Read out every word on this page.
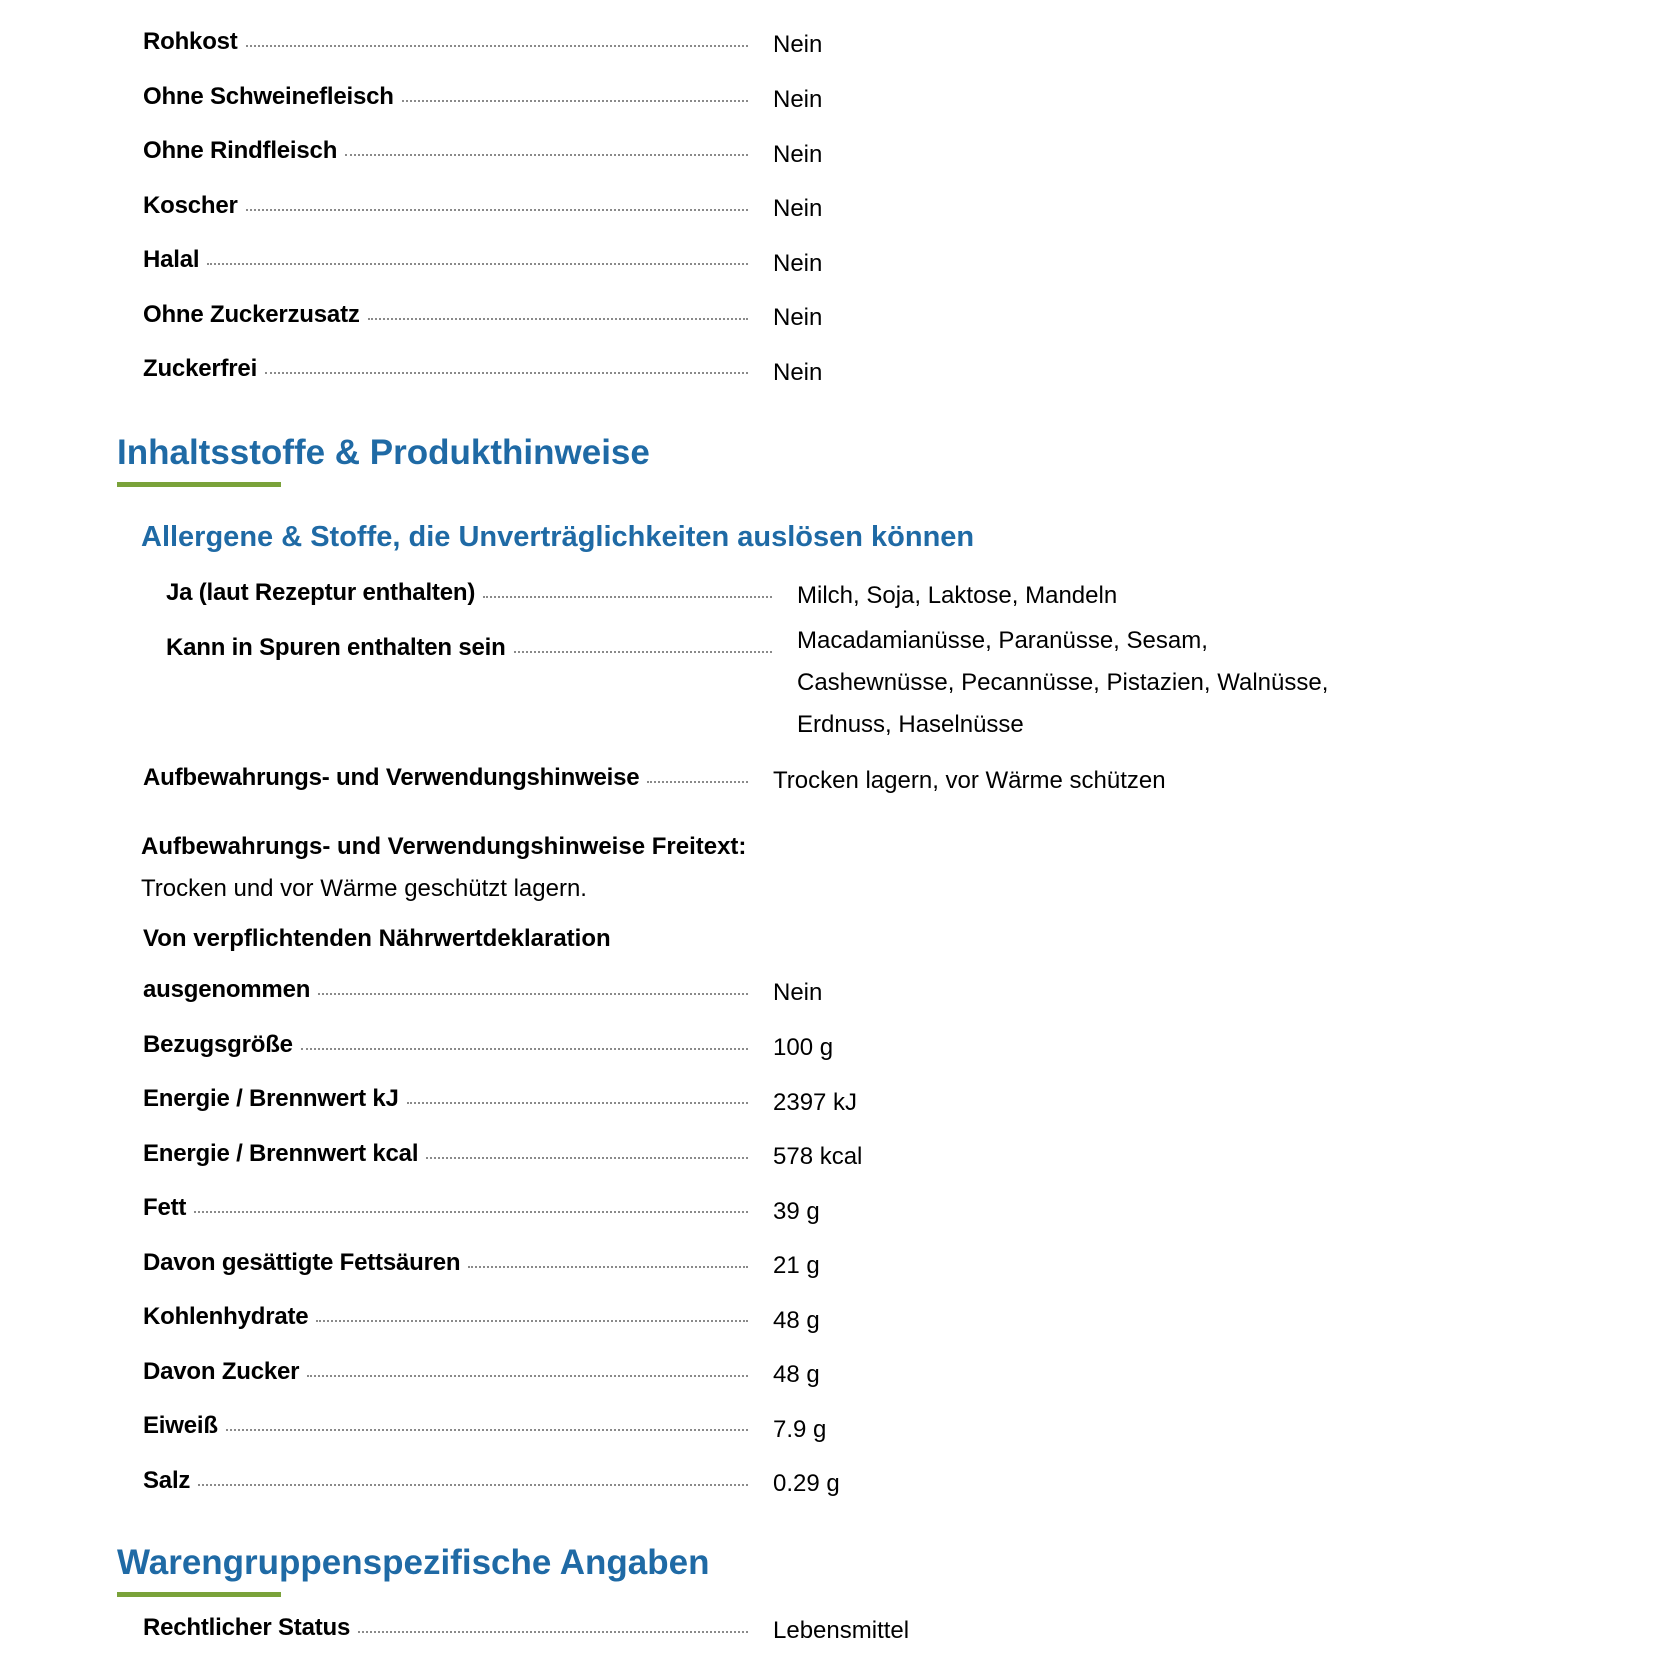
Rohkost	Nein
Ohne Schweinefleisch	Nein
Ohne Rindfleisch	Nein
Koscher	Nein
Halal	Nein
Ohne Zuckerzusatz	Nein
Zuckerfrei	Nein
Inhaltsstoffe & Produkthinweise
Allergene & Stoffe, die Unverträglichkeiten auslösen können
Ja (laut Rezeptur enthalten)	Milch, Soja, Laktose, Mandeln
Kann in Spuren enthalten sein	Macadamianüsse, Paranüsse, Sesam,
Cashewnüsse, Pecannüsse, Pistazien, Walnüsse,
Erdnuss, Haselnüsse
Aufbewahrungs- und Verwendungshinweise	Trocken lagern, vor Wärme schützen
Aufbewahrungs- und Verwendungshinweise Freitext:
Trocken und vor Wärme geschützt lagern.
Von verpflichtenden Nährwertdeklaration
ausgenommen	Nein
Bezugsgröße	100 g
Energie / Brennwert kJ	2397 kJ
Energie / Brennwert kcal	578 kcal
Fett	39 g
Davon gesättigte Fettsäuren	21 g
Kohlenhydrate	48 g
Davon Zucker	48 g
Eiweiß	7.9 g
Salz	0.29 g
Warengruppenspezifische Angaben
Rechtlicher Status	Lebensmittel
